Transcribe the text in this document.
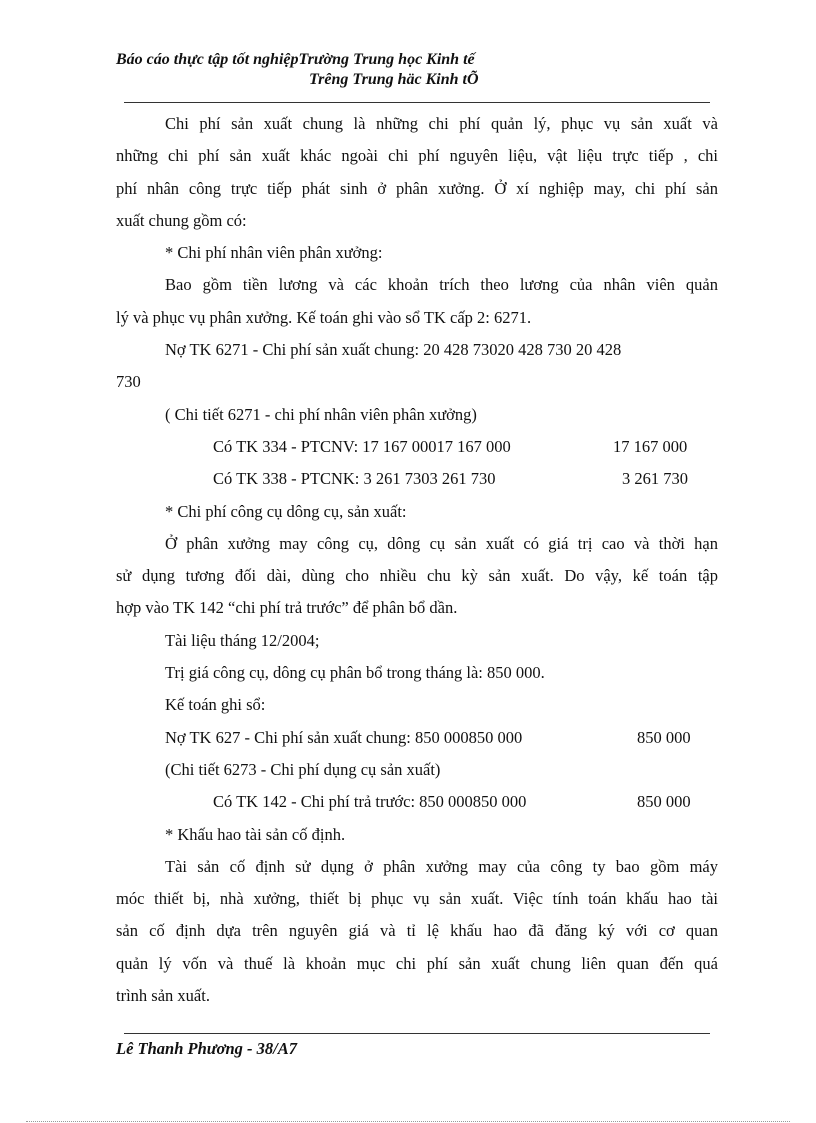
Báo cáo thực tập tốt nghiệpTrường Trung học Kinh tế
Trêng Trung häc Kinh tÕ
Chi phí sản xuất chung là những chi phí quản lý, phục vụ sản xuất và
những chi phí sản xuất khác ngoài chi phí nguyên liệu, vật liệu trực tiếp , chi
phí nhân công trực tiếp phát sinh ở phân xưởng. Ở xí nghiệp may, chi phí sản
xuất chung gồm có:
* Chi phí nhân viên phân xưởng:
Bao gồm tiền lương và các khoản trích theo lương của nhân viên quản
lý và phục vụ phân xưởng. Kế toán ghi vào sổ TK cấp 2: 6271.
Nợ TK 6271 - Chi phí sản xuất chung: 20 428 73020 428 730 20 428
730
( Chi tiết 6271 - chi phí nhân viên phân xưởng)
Có TK 334 - PTCNV: 17 167 00017 167 000	17 167 000
Có TK 338 - PTCNK: 3 261 7303 261 730	3 261 730
* Chi phí công cụ dông cụ, sản xuất:
Ở phân xưởng may công cụ, dông cụ sản xuất có giá trị cao và thời hạn
sử dụng tương đối dài, dùng cho nhiều chu kỳ sản xuất. Do vậy, kế toán tập
hợp vào TK 142 “chi phí trả trước” để phân bổ dần.
Tài liệu tháng 12/2004;
Trị giá công cụ, dông cụ phân bổ trong tháng là: 850 000.
Kế toán ghi sổ:
Nợ TK 627 - Chi phí sản xuất chung: 850 000850 000	850 000
(Chi tiết 6273 - Chi phí dụng cụ sản xuất)
Có TK 142 - Chi phí trả trước: 850 000850 000	850 000
* Khấu hao tài sản cố định.
Tài sản cố định sử dụng ở phân xưởng may của công ty bao gồm máy
móc thiết bị, nhà xưởng, thiết bị phục vụ sản xuất. Việc tính toán khấu hao tài
sản cố định dựa trên nguyên giá và tỉ lệ khấu hao đã đăng ký với cơ quan
quản lý vốn và thuế là khoản mục chi phí sản xuất chung liên quan đến quá
trình sản xuất.
Lê Thanh Phương - 38/A7
